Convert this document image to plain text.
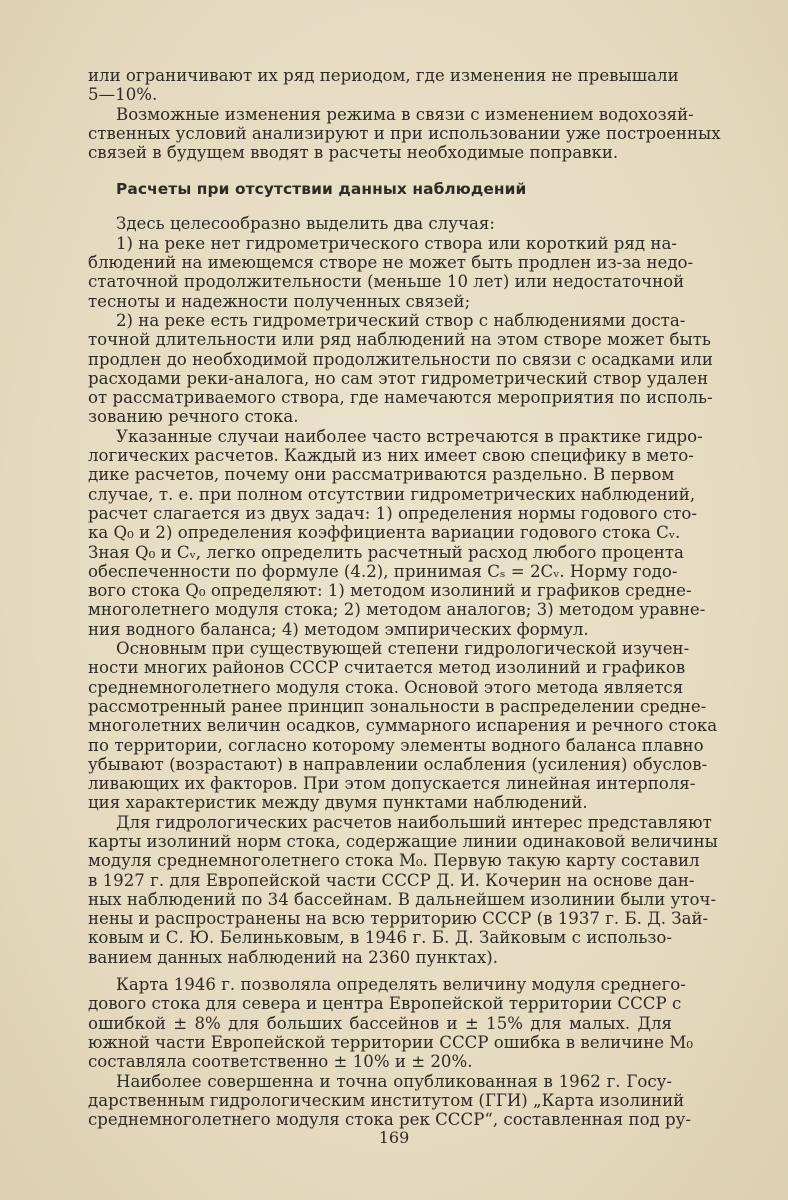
или ограничивают их ряд периодом, где изменения не превышали
5—10%.
Возможные изменения режима в связи с изменением водохозяй-
ственных условий анализируют и при использовании уже построенных
связей в будущем вводят в расчеты необходимые поправки.
Расчеты при отсутствии данных наблюдений
Здесь целесообразно выделить два случая:
1) на реке нет гидрометрического створа или короткий ряд на-
блюдений на имеющемся створе не может быть продлен из-за недо-
статочной продолжительности (меньше 10 лет) или недостаточной
тесноты и надежности полученных связей;
2) на реке есть гидрометрический створ с наблюдениями доста-
точной длительности или ряд наблюдений на этом створе может быть
продлен до необходимой продолжительности по связи с осадками или
расходами реки-аналога, но сам этот гидрометрический створ удален
от рассматриваемого створа, где намечаются мероприятия по исполь-
зованию речного стока.
Указанные случаи наиболее часто встречаются в практике гидро-
логических расчетов. Каждый из них имеет свою специфику в мето-
дике расчетов, почему они рассматриваются раздельно. В первом
случае, т. е. при полном отсутствии гидрометрических наблюдений,
расчет слагается из двух задач: 1) определения нормы годового сто-
ка Q₀ и 2) определения коэффициента вариации годового стока Cᵥ.
Зная Q₀ и Cᵥ, легко определить расчетный расход любого процента
обеспеченности по формуле (4.2), принимая Cₛ = 2Cᵥ. Норму годо-
вого стока Q₀ определяют: 1) методом изолиний и графиков средне-
многолетнего модуля стока; 2) методом аналогов; 3) методом уравне-
ния водного баланса; 4) методом эмпирических формул.
Основным при существующей степени гидрологической изучен-
ности многих районов СССР считается метод изолиний и графиков
среднемноголетнего модуля стока. Основой этого метода является
рассмотренный ранее принцип зональности в распределении средне-
многолетних величин осадков, суммарного испарения и речного стока
по территории, согласно которому элементы водного баланса плавно
убывают (возрастают) в направлении ослабления (усиления) обуслов-
ливающих их факторов. При этом допускается линейная интерполя-
ция характеристик между двумя пунктами наблюдений.
Для гидрологических расчетов наибольший интерес представляют
карты изолиний норм стока, содержащие линии одинаковой величины
модуля среднемноголетнего стока M₀. Первую такую карту составил
в 1927 г. для Европейской части СССР Д. И. Кочерин на основе дан-
ных наблюдений по 34 бассейнам. В дальнейшем изолинии были уточ-
нены и распространены на всю территорию СССР (в 1937 г. Б. Д. Зай-
ковым и С. Ю. Белиньковым, в 1946 г. Б. Д. Зайковым с использо-
ванием данных наблюдений на 2360 пунктах).
Карта 1946 г. позволяла определять величину модуля среднего-
дового стока для севера и центра Европейской территории СССР с
ошибкой ± 8% для больших бассейнов и ± 15% для малых. Для
южной части Европейской территории СССР ошибка в величине M₀
составляла соответственно ± 10% и ± 20%.
Наиболее совершенна и точна опубликованная в 1962 г. Госу-
дарственным гидрологическим институтом (ГГИ) „Карта изолиний
среднемноголетнего модуля стока рек СССР“, составленная под ру-
169
